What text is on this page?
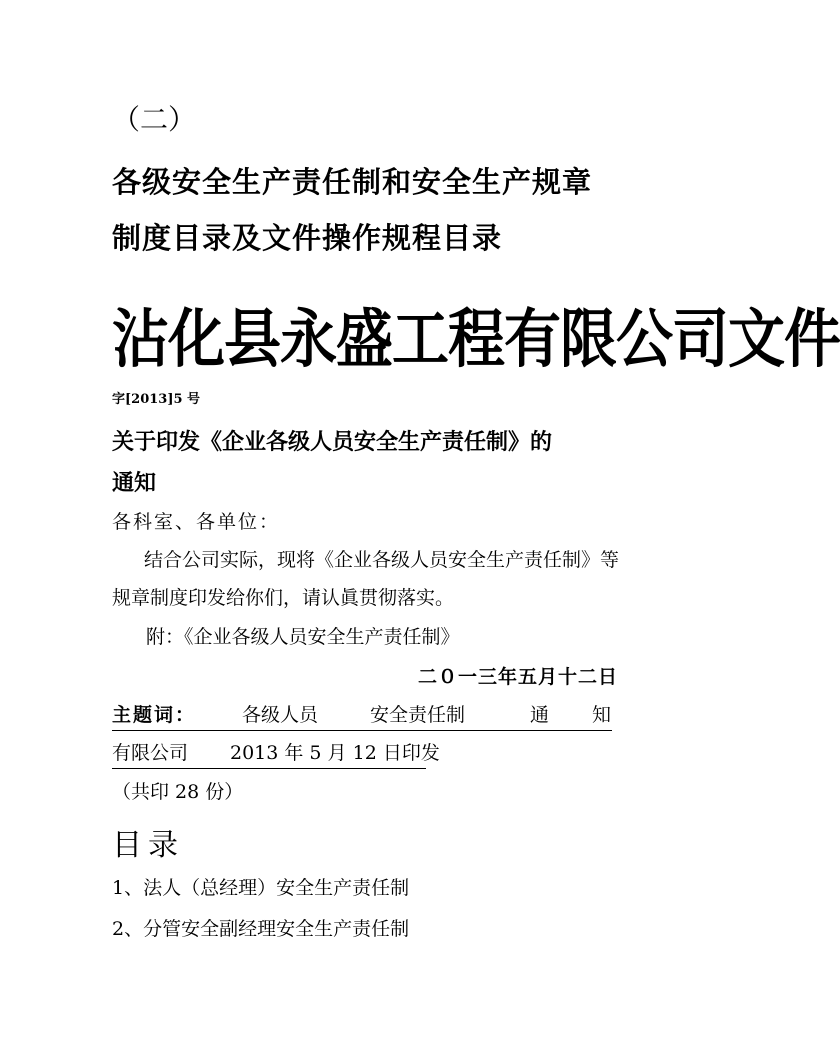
（二）
各级安全生产责任制和安全生产规章
制度目录及文件操作规程目录
沾化县永盛工程有限公司文件
字[2013]5 号
关于印发《企业各级人员安全生产责任制》的
通知
各科室、各单位：
结合公司实际，现将《企业各级人员安全生产责任制》等
规章制度印发给你们，请认眞贯彻落实。
附：《企业各级人员安全生产责任制》
二０一三年五月十二日
主题词： 各级人员	安全责任制	通 知
有限公司 2013 年 5 月 12 日印发
（共印 28 份）
目录
1、法人（总经理）安全生产责任制
2、分管安全副经理安全生产责任制
